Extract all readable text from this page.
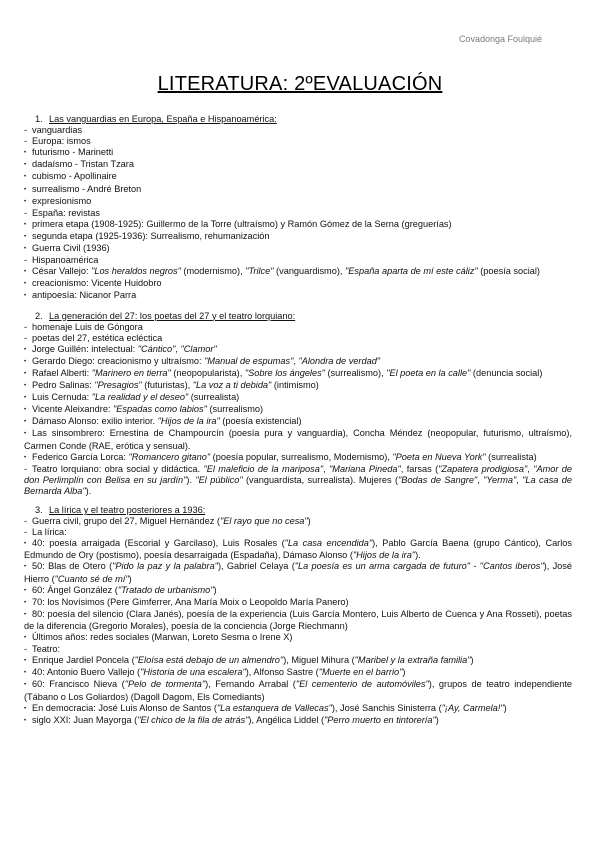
Covadonga Foulquié
LITERATURA: 2ºEVALUACIÓN
1. Las vanguardias en Europa, España e Hispanoamérica:
- vanguardias
- Europa: ismos
• futurismo - Marinetti
• dadaísmo - Tristan Tzara
• cubismo - Apollinaire
• surrealismo - André Breton
• expresionismo
- España: revistas
• primera etapa (1908-1925): Guillermo de la Torre (ultraísmo) y Ramón Gómez de la Serna (greguerías)
• segunda etapa (1925-1936): Surrealismo, rehumanización
• Guerra Civil (1936)
- Hispanoamérica
• César Vallejo: "Los heraldos negros" (modernismo), "Trilce" (vanguardismo), "España aparta de mí este cáliz" (poesía social)
• creacionismo: Vicente Huidobro
• antipoesía: Nicanor Parra
2. La generación del 27: los poetas del 27 y el teatro lorquiano:
- homenaje Luis de Góngora
- poetas del 27, estética ecléctica
• Jorge Guillén: intelectual: "Cántico", "Clamor"
• Gerardo Diego: creacionismo y ultraísmo: "Manual de espumas", "Alondra de verdad"
• Rafael Alberti: "Marinero en tierra" (neopopularista), "Sobre los ángeles" (surrealismo), "El poeta en la calle" (denuncia social)
• Pedro Salinas: "Presagios" (futuristas), "La voz a ti debida" (intimismo)
• Luis Cernuda: "La realidad y el deseo" (surrealista)
• Vicente Aleixandre: "Espadas como labios" (surrealismo)
• Dámaso Alonso: exilio interior. "Hijos de la ira" (poesía existencial)
• Las sinsombrero: Ernestina de Champourcín (poesía pura y vanguardia), Concha Méndez (neopopular, futurismo, ultraísmo), Carmen Conde (RAE, erótica y sensual).
• Federico García Lorca: "Romancero gitano" (poesía popular, surrealismo, Modernismo), "Poeta en Nueva York" (surrealista)
- Teatro lorquiano: obra social y didáctica. "El maleficio de la mariposa", "Mariana Pineda", farsas ("Zapatera prodigiosa", "Amor de don Perlimplín con Belisa en su jardín"). "El público" (vanguardista, surrealista). Mujeres ("Bodas de Sangre", "Yerma", "La casa de Bernarda Alba").
3. La lírica y el teatro posteriores a 1936:
- Guerra civil, grupo del 27, Miguel Hernández ("El rayo que no cesa")
- La lírica:
• 40: poesía arraigada (Escorial y Garcilaso), Luis Rosales ("La casa encendida"), Pablo García Baena (grupo Cántico), Carlos Edmundo de Ory (postismo), poesía desarraigada (Espadaña), Dámaso Alonso ("Hijos de la ira").
• 50: Blas de Otero ("Pido la paz y la palabra"), Gabriel Celaya ("La poesía es un arma cargada de futuro" - "Cantos iberos"), José Hierro ("Cuanto sé de mí")
• 60: Ángel González ("Tratado de urbanismo")
• 70: los Novísimos (Pere Gimferrer, Ana María Moix o Leopoldo María Panero)
• 80: poesía del silencio (Clara Janés), poesía de la experiencia (Luis García Montero, Luis Alberto de Cuenca y Ana Rosseti), poetas de la diferencia (Gregorio Morales), poesía de la conciencia (Jorge Riechmann)
• Últimos años: redes sociales (Marwan, Loreto Sesma o Irene X)
- Teatro:
• Enrique Jardiel Poncela ("Eloísa está debajo de un almendro"), Miguel Mihura ("Maribel y la extraña familia")
• 40: Antonio Buero Vallejo ("Historia de una escalera"), Alfonso Sastre ("Muerte en el barrio")
• 60: Francisco Nieva ("Pelo de tormenta"), Fernando Arrabal ("El cementerio de automóviles"), grupos de teatro independiente (Tábano o Los Goliardos) (Dagoll Dagom, Els Comediants)
• En democracia: José Luis Alonso de Santos ("La estanquera de Vallecas"), José Sanchis Sinisterra ("¡Ay, Carmela!")
• siglo XXI: Juan Mayorga ("El chico de la fila de atrás"), Angélica Liddel ("Perro muerto en tintorería")
